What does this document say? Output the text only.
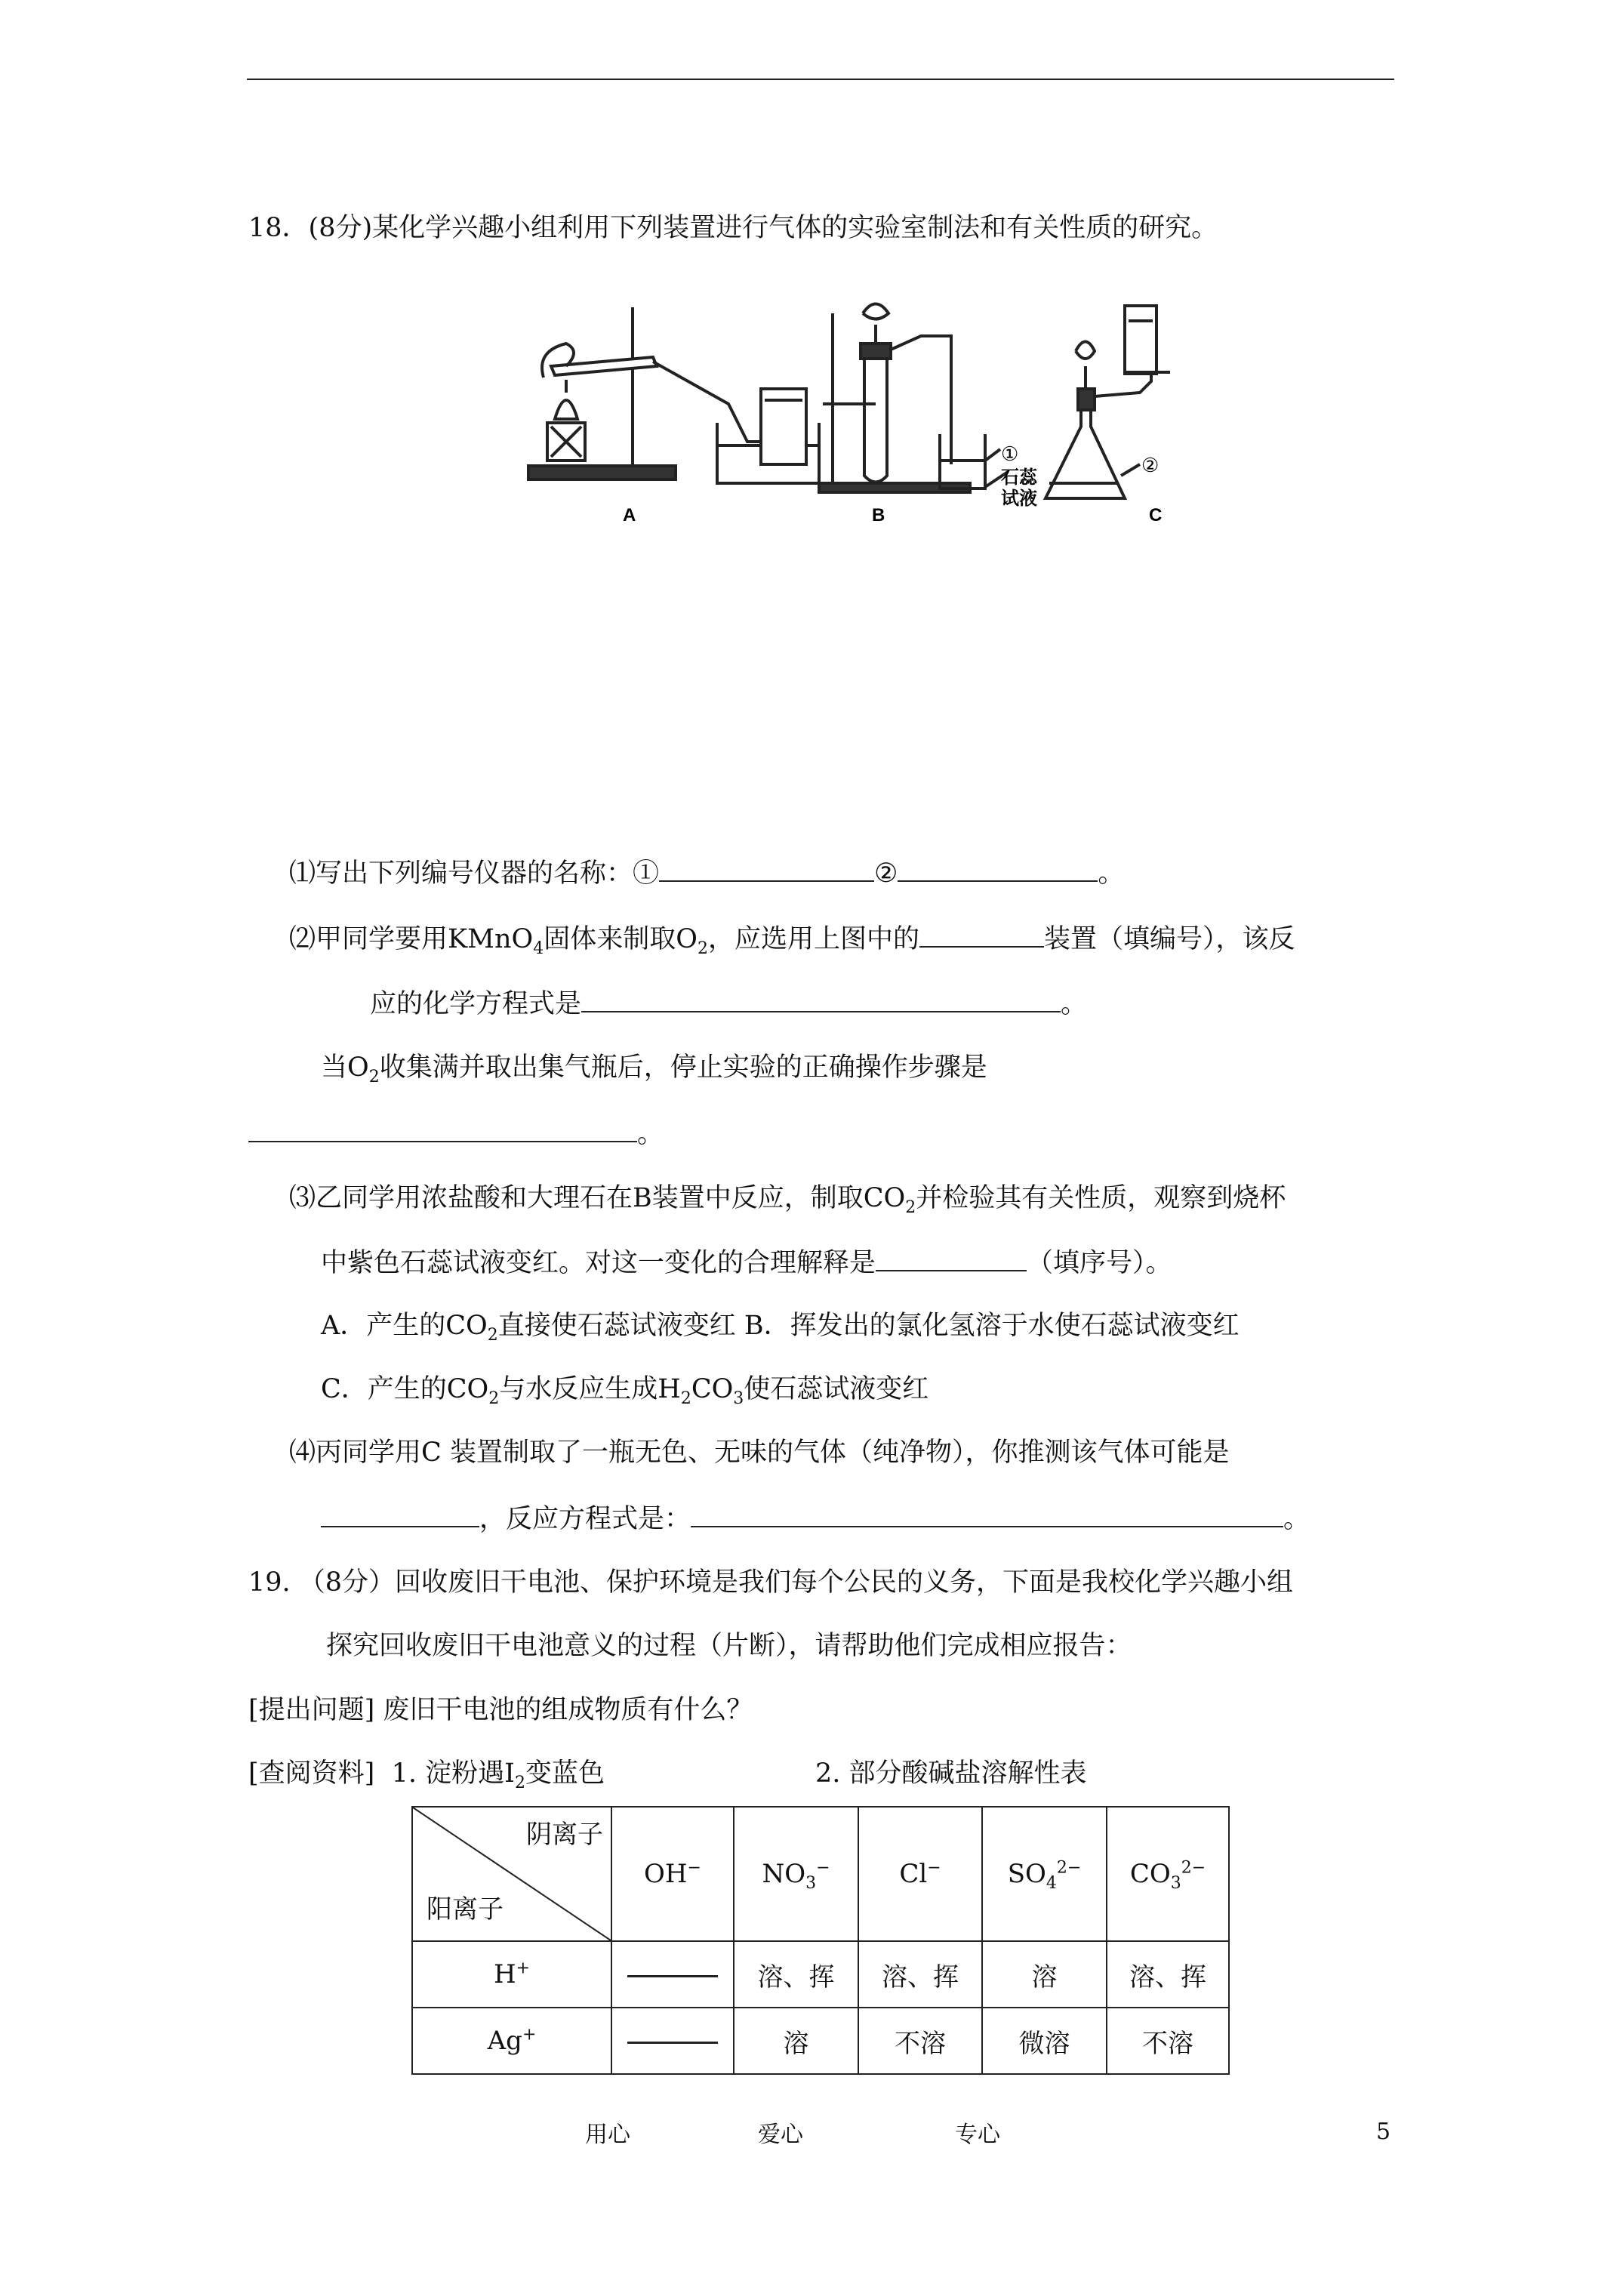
18．(8分)某化学兴趣小组利用下列装置进行气体的实验室制法和有关性质的研究。
A	B	C
①
石蕊
试液
②
⑴写出下列编号仪器的名称：①	②	。
⑵甲同学要用KMnO$_4$固体来制取$O_2$，应选用上图中的	装置（填编号），该反
应的化学方程式是	。
当$O_2$收集满并取出集气瓶后，停止实验的正确操作步骤是
。
⑶乙同学用浓盐酸和大理石在B装置中反应，制取$CO_2$并检验其有关性质，观察到烧杯
中紫色石蕊试液变红。对这一变化的合理解释是	（填序号）。
A．产生的$CO_2$直接使石蕊试液变红 B．挥发出的氯化氢溶于水使石蕊试液变红
C．产生的$CO_2$与水反应生成$H_2CO_3$使石蕊试液变红
⑷丙同学用C 装置制取了一瓶无色、无味的气体（纯净物），你推测该气体可能是
，反应方程式是：	。
19. （8分）回收废旧干电池、保护环境是我们每个公民的义务，下面是我校化学兴趣小组
探究回收废旧干电池意义的过程（片断），请帮助他们完成相应报告：
[提出问题] 废旧干电池的组成物质有什么？
[查阅资料] 1. 淀粉遇$I_2$变蓝色	2. 部分酸碱盐溶解性表
阴离子
阳离子	OH−	$NO_3^-$	Cl−	$SO_4^{2-}$	$CO_3^{2-}$
H+		溶、挥	溶、挥	溶	溶、挥
Ag+		溶	不溶	微溶	不溶
用心	爱心	专心	5
